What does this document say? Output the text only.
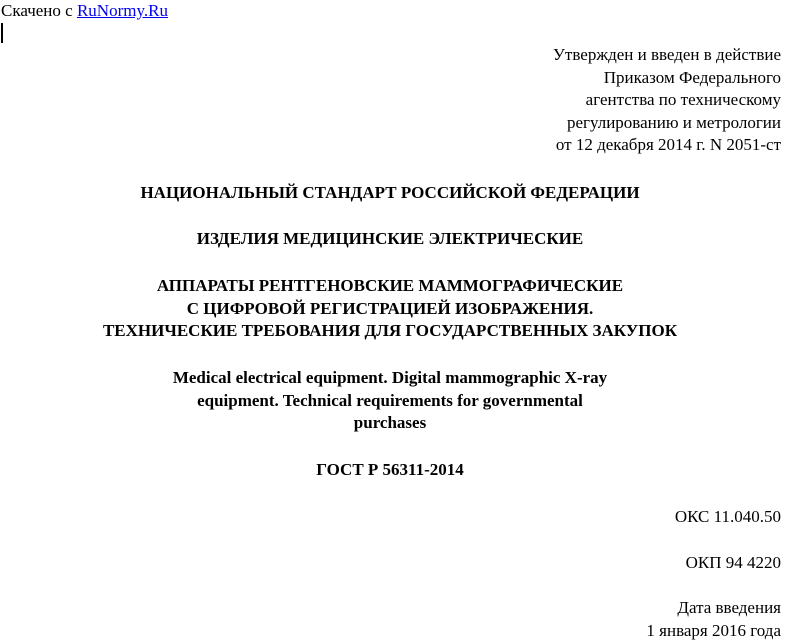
Скачено с RuNormy.Ru
Утвержден и введен в действие
Приказом Федерального
агентства по техническому
регулированию и метрологии
от 12 декабря 2014 г. N 2051-ст
НАЦИОНАЛЬНЫЙ СТАНДАРТ РОССИЙСКОЙ ФЕДЕРАЦИИ
ИЗДЕЛИЯ МЕДИЦИНСКИЕ ЭЛЕКТРИЧЕСКИЕ
АППАРАТЫ РЕНТГЕНОВСКИЕ МАММОГРАФИЧЕСКИЕ
С ЦИФРОВОЙ РЕГИСТРАЦИЕЙ ИЗОБРАЖЕНИЯ.
ТЕХНИЧЕСКИЕ ТРЕБОВАНИЯ ДЛЯ ГОСУДАРСТВЕННЫХ ЗАКУПОК
Medical electrical equipment. Digital mammographic X-ray
equipment. Technical requirements for governmental
purchases
ГОСТ Р 56311-2014
ОКС 11.040.50
ОКП 94 4220
Дата введения
1 января 2016 года
